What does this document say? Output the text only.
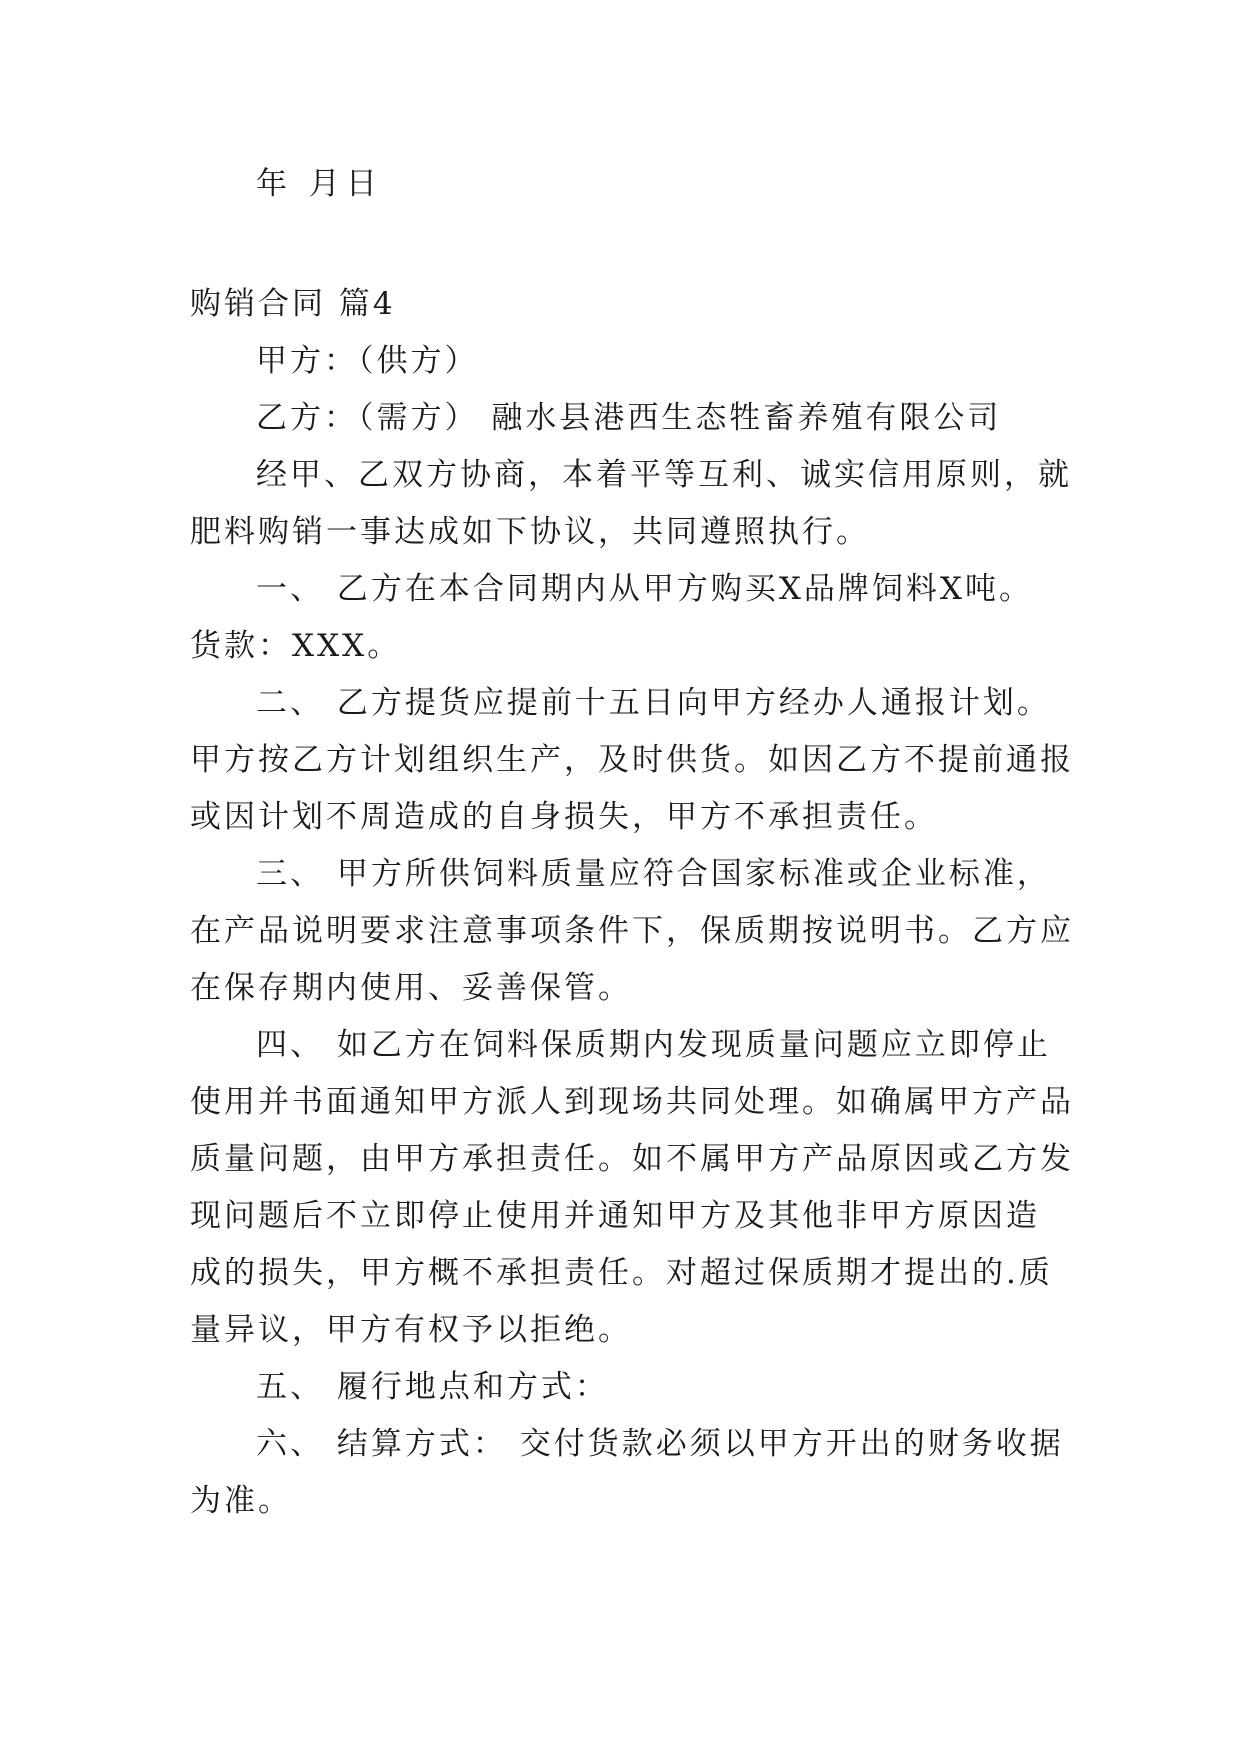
年 月日
购销合同 篇4
甲方：（供方）
乙方：（需方） 融水县港西生态牲畜养殖有限公司
经甲、乙双方协商，本着平等互利、诚实信用原则，就
肥料购销一事达成如下协议，共同遵照执行。
一、 乙方在本合同期内从甲方购买X品牌饲料X吨。
货款：XXX。
二、 乙方提货应提前十五日向甲方经办人通报计划。
甲方按乙方计划组织生产，及时供货。如因乙方不提前通报
或因计划不周造成的自身损失，甲方不承担责任。
三、 甲方所供饲料质量应符合国家标准或企业标准，
在产品说明要求注意事项条件下，保质期按说明书。乙方应
在保存期内使用、妥善保管。
四、 如乙方在饲料保质期内发现质量问题应立即停止
使用并书面通知甲方派人到现场共同处理。如确属甲方产品
质量问题，由甲方承担责任。如不属甲方产品原因或乙方发
现问题后不立即停止使用并通知甲方及其他非甲方原因造
成的损失，甲方概不承担责任。对超过保质期才提出的.质
量异议，甲方有权予以拒绝。
五、 履行地点和方式：
六、 结算方式： 交付货款必须以甲方开出的财务收据
为准。
